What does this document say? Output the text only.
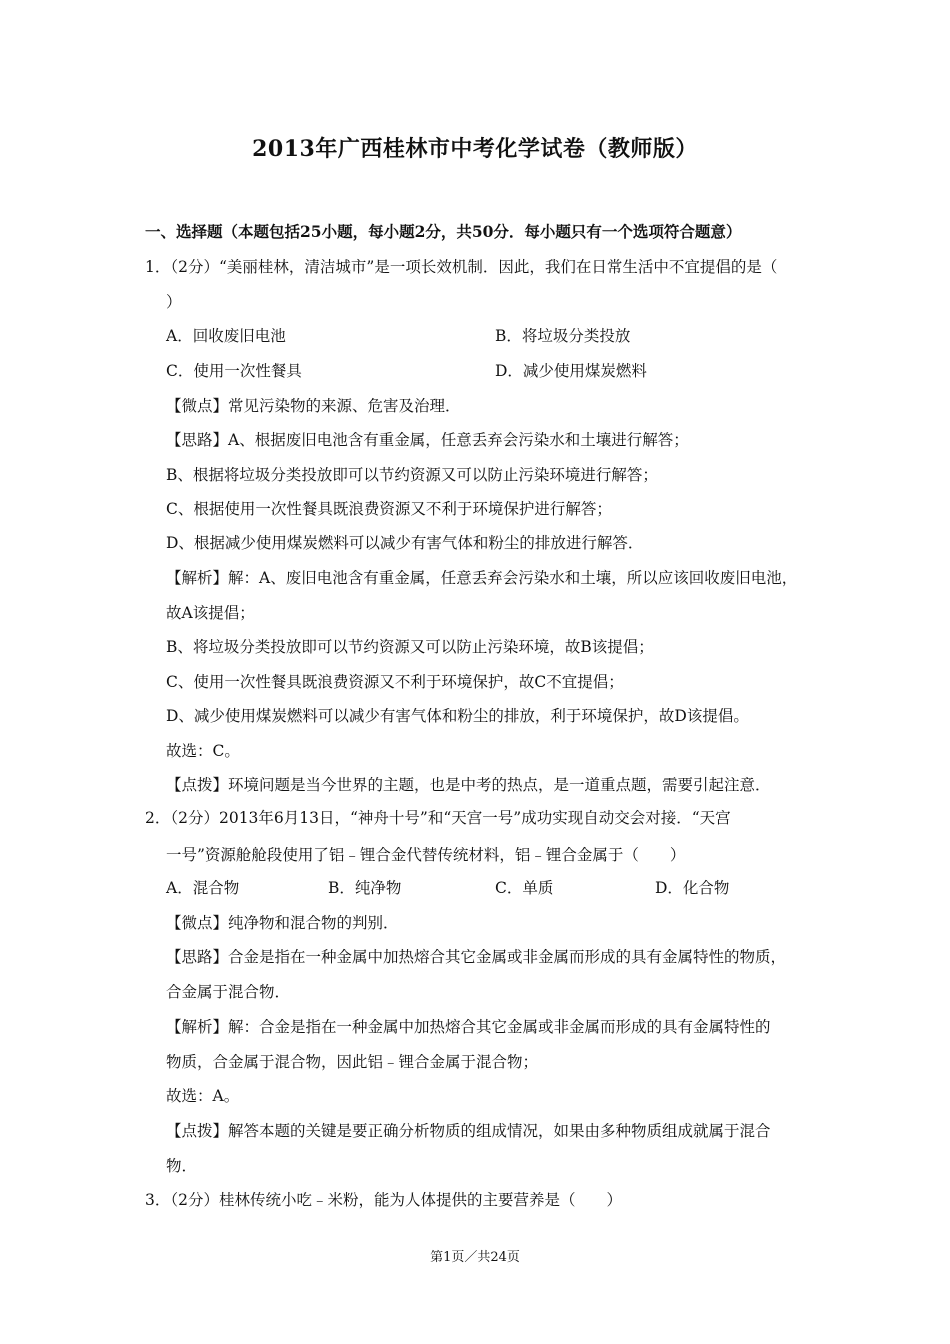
2013年广西桂林市中考化学试卷（教师版）
一、选择题（本题包括25小题，每小题2分，共50分．每小题只有一个选项符合题意）
1．（2分）“美丽桂林，清洁城市”是一项长效机制．因此，我们在日常生活中不宜提倡的是（
）
A．回收废旧电池	B．将垃圾分类投放
C．使用一次性餐具	D．减少使用煤炭燃料
【微点】常见污染物的来源、危害及治理．
【思路】A、根据废旧电池含有重金属，任意丢弃会污染水和土壤进行解答；
B、根据将垃圾分类投放即可以节约资源又可以防止污染环境进行解答；
C、根据使用一次性餐具既浪费资源又不利于环境保护进行解答；
D、根据减少使用煤炭燃料可以减少有害气体和粉尘的排放进行解答．
【解析】解：A、废旧电池含有重金属，任意丢弃会污染水和土壤，所以应该回收废旧电池，
故A该提倡；
B、将垃圾分类投放即可以节约资源又可以防止污染环境，故B该提倡；
C、使用一次性餐具既浪费资源又不利于环境保护，故C不宜提倡；
D、减少使用煤炭燃料可以减少有害气体和粉尘的排放，利于环境保护，故D该提倡。
故选：C。
【点拨】环境问题是当今世界的主题，也是中考的热点，是一道重点题，需要引起注意．
2．（2分）2013年6月13日，“神舟十号”和“天宫一号”成功实现自动交会对接．“天宫
一号”资源舱舱段使用了铝﹣锂合金代替传统材料，铝﹣锂合金属于（　　）
A．混合物	B．纯净物	C．单质	D．化合物
【微点】纯净物和混合物的判别．
【思路】合金是指在一种金属中加热熔合其它金属或非金属而形成的具有金属特性的物质，
合金属于混合物．
【解析】解：合金是指在一种金属中加热熔合其它金属或非金属而形成的具有金属特性的
物质，合金属于混合物，因此铝﹣锂合金属于混合物；
故选：A。
【点拨】解答本题的关键是要正确分析物质的组成情况，如果由多种物质组成就属于混合
物．
3．（2分）桂林传统小吃﹣米粉，能为人体提供的主要营养是（　　）
第1页／共24页
